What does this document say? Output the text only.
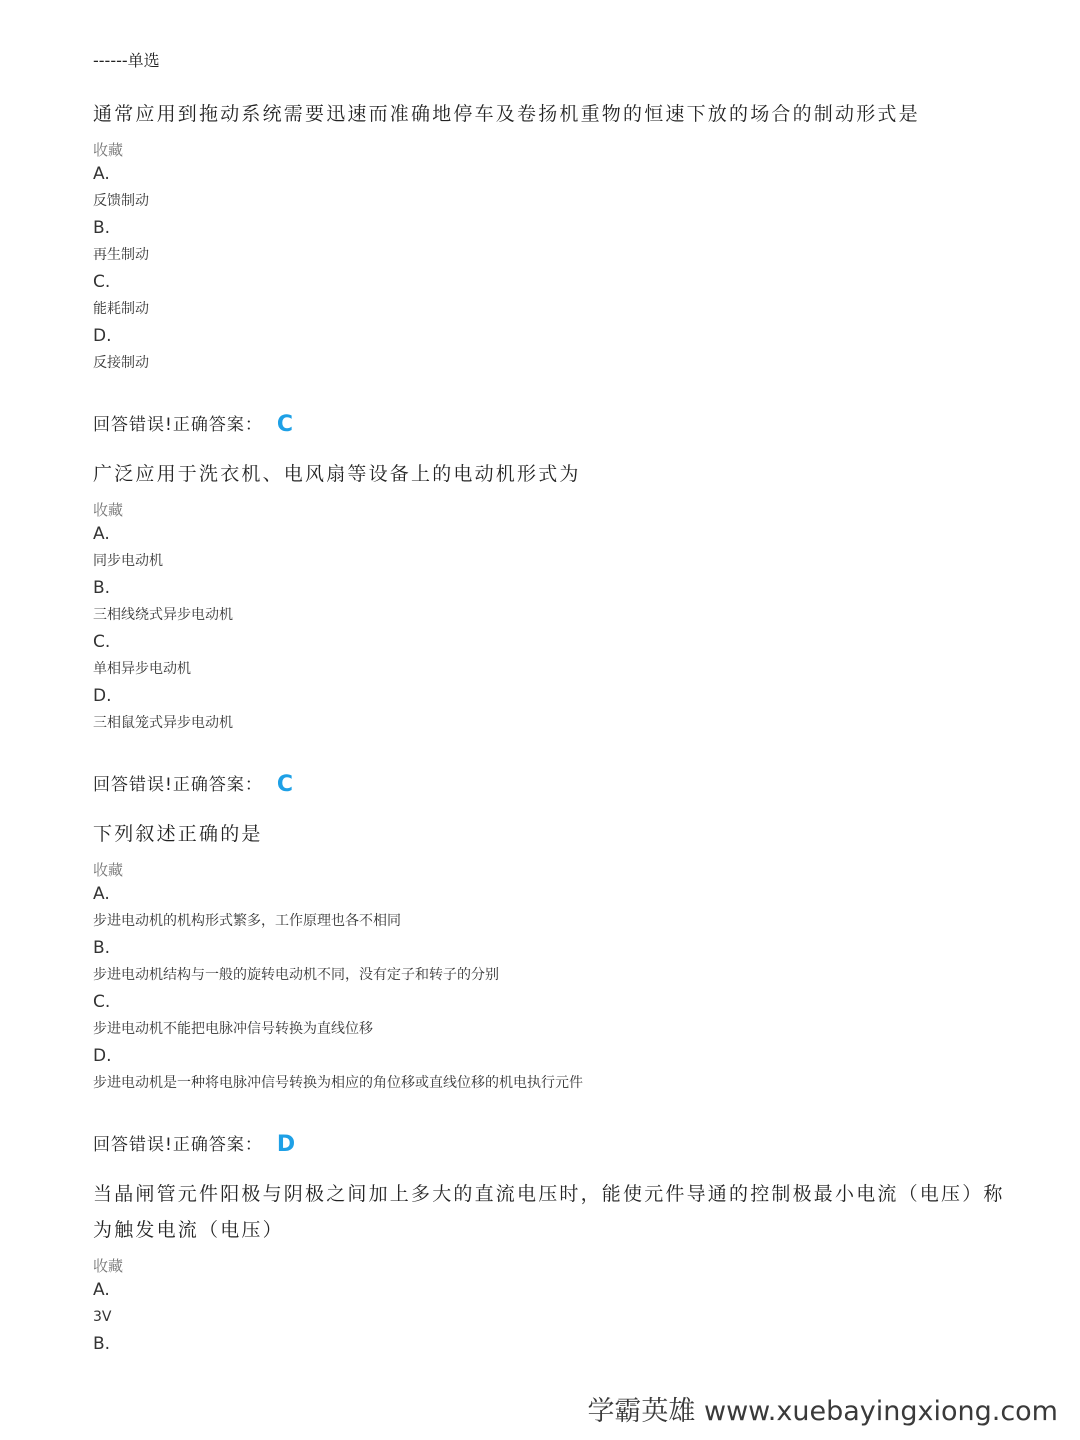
------单选
通常应用到拖动系统需要迅速而准确地停车及卷扬机重物的恒速下放的场合的制动形式是
收藏
A.
反馈制动
B.
再生制动
C.
能耗制动
D.
反接制动
回答错误!正确答案： C
广泛应用于洗衣机、电风扇等设备上的电动机形式为
收藏
A.
同步电动机
B.
三相线绕式异步电动机
C.
单相异步电动机
D.
三相鼠笼式异步电动机
回答错误!正确答案： C
下列叙述正确的是
收藏
A.
步进电动机的机构形式繁多，工作原理也各不相同
B.
步进电动机结构与一般的旋转电动机不同，没有定子和转子的分别
C.
步进电动机不能把电脉冲信号转换为直线位移
D.
步进电动机是一种将电脉冲信号转换为相应的角位移或直线位移的机电执行元件
回答错误!正确答案： D
当晶闸管元件阳极与阴极之间加上多大的直流电压时，能使元件导通的控制极最小电流（电压）称为触发电流（电压）
收藏
A.
3V
B.
学霸英雄 www.xuebayingxiong.com
